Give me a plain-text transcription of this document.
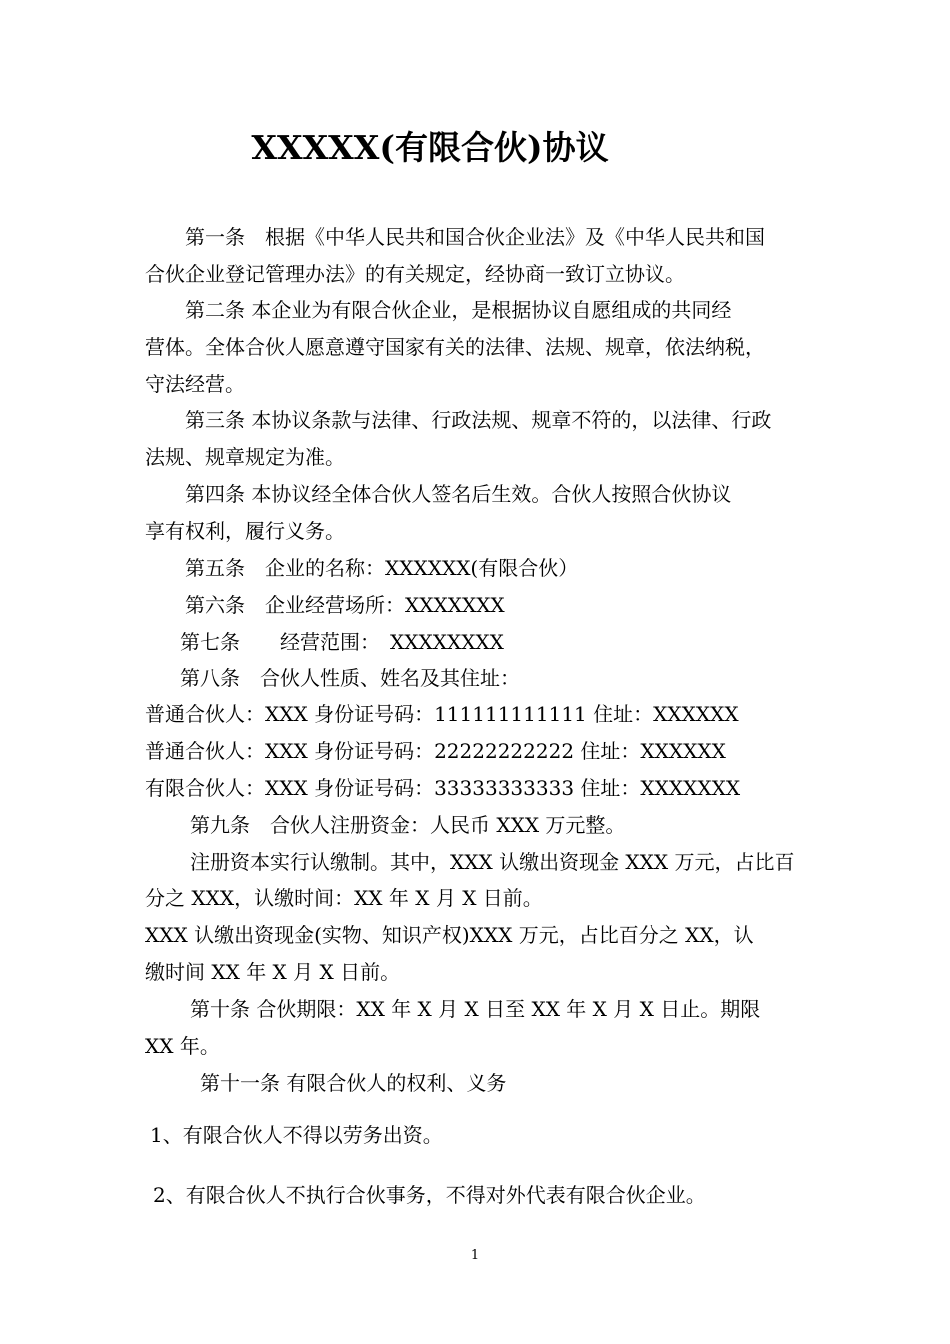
XXXXX(有限合伙)协议
第一条　根据《中华人民共和国合伙企业法》及《中华人民共和国
合伙企业登记管理办法》的有关规定，经协商一致订立协议。
第二条 本企业为有限合伙企业，是根据协议自愿组成的共同经
营体。全体合伙人愿意遵守国家有关的法律、法规、规章，依法纳税，
守法经营。
第三条 本协议条款与法律、行政法规、规章不符的，以法律、行政
法规、规章规定为准。
第四条 本协议经全体合伙人签名后生效。合伙人按照合伙协议
享有权利，履行义务。
第五条　企业的名称：XXXXXX(有限合伙）
第六条　企业经营场所：XXXXXXX
第七条　　经营范围：　XXXXXXXX
第八条　合伙人性质、姓名及其住址：
普通合伙人：XXX 身份证号码：111111111111 住址：XXXXXX
普通合伙人：XXX 身份证号码：22222222222 住址：XXXXXX
有限合伙人：XXX 身份证号码：33333333333 住址：XXXXXXX
第九条　合伙人注册资金：人民币 XXX 万元整。
注册资本实行认缴制。其中，XXX 认缴出资现金 XXX 万元，占比百
分之 XXX，认缴时间：XX 年 X 月 X 日前。
XXX 认缴出资现金(实物、知识产权)XXX 万元，占比百分之 XX，认
缴时间 XX 年 X 月 X 日前。
第十条 合伙期限：XX 年 X 月 X 日至 XX 年 X 月 X 日止。期限
XX 年。
第十一条 有限合伙人的权利、义务
1、有限合伙人不得以劳务出资。
2、有限合伙人不执行合伙事务，不得对外代表有限合伙企业。
1
